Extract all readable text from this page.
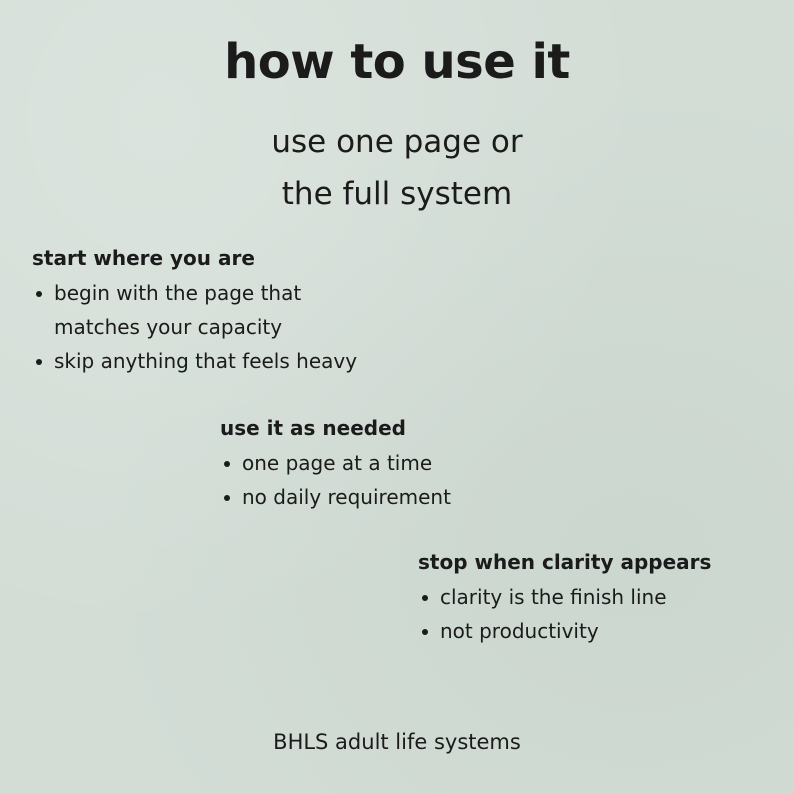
how to use it
use one page or
the full system
start where you are
begin with the page that
matches your capacity
skip anything that feels heavy
use it as needed
one page at a time
no daily requirement
stop when clarity appears
clarity is the finish line
not productivity
BHLS adult life systems
